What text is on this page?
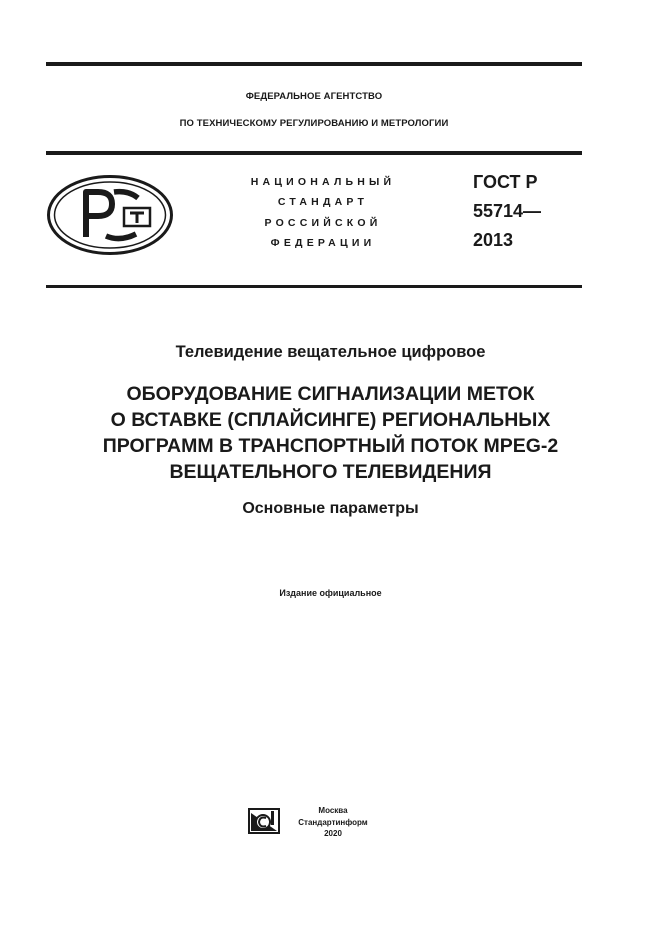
ФЕДЕРАЛЬНОЕ АГЕНТСТВО
ПО ТЕХНИЧЕСКОМУ РЕГУЛИРОВАНИЮ И МЕТРОЛОГИИ
НАЦИОНАЛЬНЫЙ
СТАНДАРТ
РОССИЙСКОЙ
ФЕДЕРАЦИИ
ГОСТ Р
55714—
2013
Телевидение вещательное цифровое
ОБОРУДОВАНИЕ СИГНАЛИЗАЦИИ МЕТОК
О ВСТАВКЕ (СПЛАЙСИНГЕ) РЕГИОНАЛЬНЫХ
ПРОГРАММ В ТРАНСПОРТНЫЙ ПОТОК MPEG-2
ВЕЩАТЕЛЬНОГО ТЕЛЕВИДЕНИЯ
Основные параметры
Издание официальное
Москва
Стандартинформ
2020
